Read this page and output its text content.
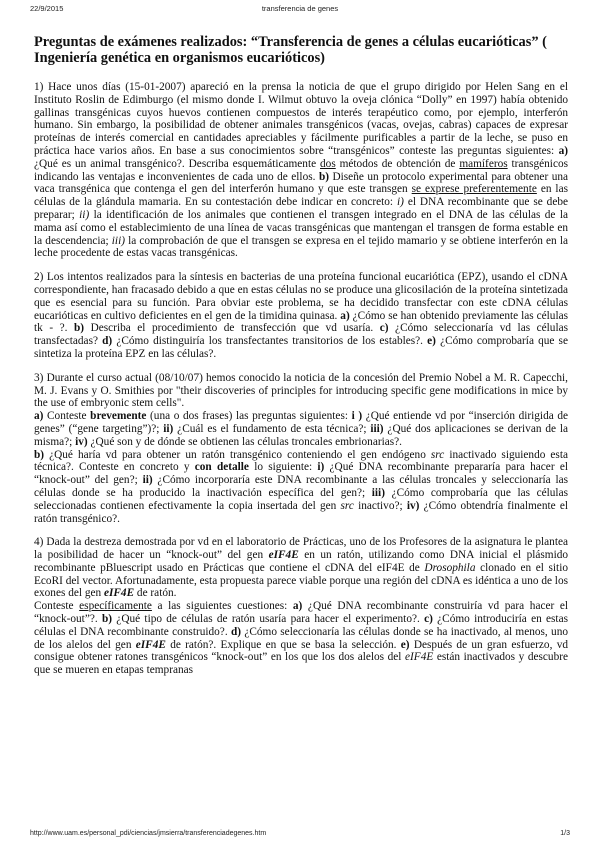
22/9/2015	transferencia de genes
Preguntas de exámenes realizados: “Transferencia de genes a células eucarióticas” ( Ingeniería genética en organismos eucarióticos)

1) Hace unos días (15-01-2007) apareció en la prensa la noticia de que el grupo dirigido por Helen Sang en el Instituto Roslin de Edimburgo (el mismo donde I. Wilmut obtuvo la oveja clónica “Dolly” en 1997) había obtenido gallinas transgénicas cuyos huevos contienen compuestos de interés terapéutico como, por ejemplo, interferón humano. Sin embargo, la posibilidad de obtener animales transgénicos (vacas, ovejas, cabras) capaces de expresar proteínas de interés comercial en cantidades apreciables y fácilmente purificables a partir de la leche, se puso en práctica hace varios años. En base a sus conocimientos sobre “transgénicos” conteste las preguntas siguientes: a) ¿Qué es un animal transgénico?. Describa esquemáticamente dos métodos de obtención de mamíferos transgénicos indicando las ventajas e inconvenientes de cada uno de ellos. b) Diseñe un protocolo experimental para obtener una vaca transgénica que contenga el gen del interferón humano y que este transgen se exprese preferentemente en las células de la glándula mamaria. En su contestación debe indicar en concreto: i) el DNA recombinante que se debe preparar; ii) la identificación de los animales que contienen el transgen integrado en el DNA de las células de la mama así como el establecimiento de una línea de vacas transgénicas que mantengan el transgen de forma estable en la descendencia; iii) la comprobación de que el transgen se expresa en el tejido mamario y se obtiene interferón en la leche procedente de estas vacas transgénicas.

2) Los intentos realizados para la síntesis en bacterias de una proteína funcional eucariótica (EPZ), usando el cDNA correspondiente, han fracasado debido a que en estas células no se produce una glicosilación de la proteína sintetizada que es esencial para su función. Para obviar este problema, se ha decidido transfectar con este cDNA células eucarióticas en cultivo deficientes en el gen de la timidina quinasa. a) ¿Cómo se han obtenido previamente las células tk - ?. b) Describa el procedimiento de transfección que vd usaría. c) ¿Cómo seleccionaría vd las células transfectadas? d) ¿Cómo distinguiría los transfectantes transitorios de los estables?. e) ¿Cómo comprobaría que se sintetiza la proteína EPZ en las células?.

3) Durante el curso actual (08/10/07) hemos conocido la noticia de la concesión del Premio Nobel a M. R. Capecchi, M. J. Evans y O. Smithies por "their discoveries of principles for introducing specific gene modifications in mice by the use of embryonic stem cells".
a) Conteste brevemente (una o dos frases) las preguntas siguientes: i ) ¿Qué entiende vd por “inserción dirigida de genes” (“gene targeting”)?; ii) ¿Cuál es el fundamento de esta técnica?; iii) ¿Qué dos aplicaciones se derivan de la misma?; iv) ¿Qué son y de dónde se obtienen las células troncales embrionarias?.
b) ¿Qué haría vd para obtener un ratón transgénico conteniendo el gen endógeno src inactivado siguiendo esta técnica?. Conteste en concreto y con detalle lo siguiente: i) ¿Qué DNA recombinante prepararía para hacer el “knock-out” del gen?; ii) ¿Cómo incorporaría este DNA recombinante a las células troncales y seleccionaría las células donde se ha producido la inactivación específica del gen?; iii) ¿Cómo comprobaría que las células seleccionadas contienen efectivamente la copia insertada del gen src inactivo?; iv) ¿Cómo obtendría finalmente el ratón transgénico?.

4) Dada la destreza demostrada por vd en el laboratorio de Prácticas, uno de los Profesores de la asignatura le plantea la posibilidad de hacer un “knock-out” del gen eIF4E en un ratón, utilizando como DNA inicial el plásmido recombinante pBluescript usado en Prácticas que contiene el cDNA del eIF4E de Drosophila clonado en el sitio EcoRI del vector. Afortunadamente, esta propuesta parece viable porque una región del cDNA es idéntica a uno de los exones del gen eIF4E de ratón.
Conteste específicamente a las siguientes cuestiones: a) ¿Qué DNA recombinante construiría vd para hacer el “knock-out”?. b) ¿Qué tipo de células de ratón usaría para hacer el experimento?. c) ¿Cómo introduciría en estas células el DNA recombinante construido?. d) ¿Cómo seleccionaría las células donde se ha inactivado, al menos, uno de los alelos del gen eIF4E de ratón?. Explique en que se basa la selección. e) Después de un gran esfuerzo, vd consigue obtener ratones transgénicos “knock-out” en los que los dos alelos del eIF4E están inactivados y descubre que se mueren en etapas tempranas

http://www.uam.es/personal_pdi/ciencias/jmsierra/transferenciadegenes.htm	1/3
